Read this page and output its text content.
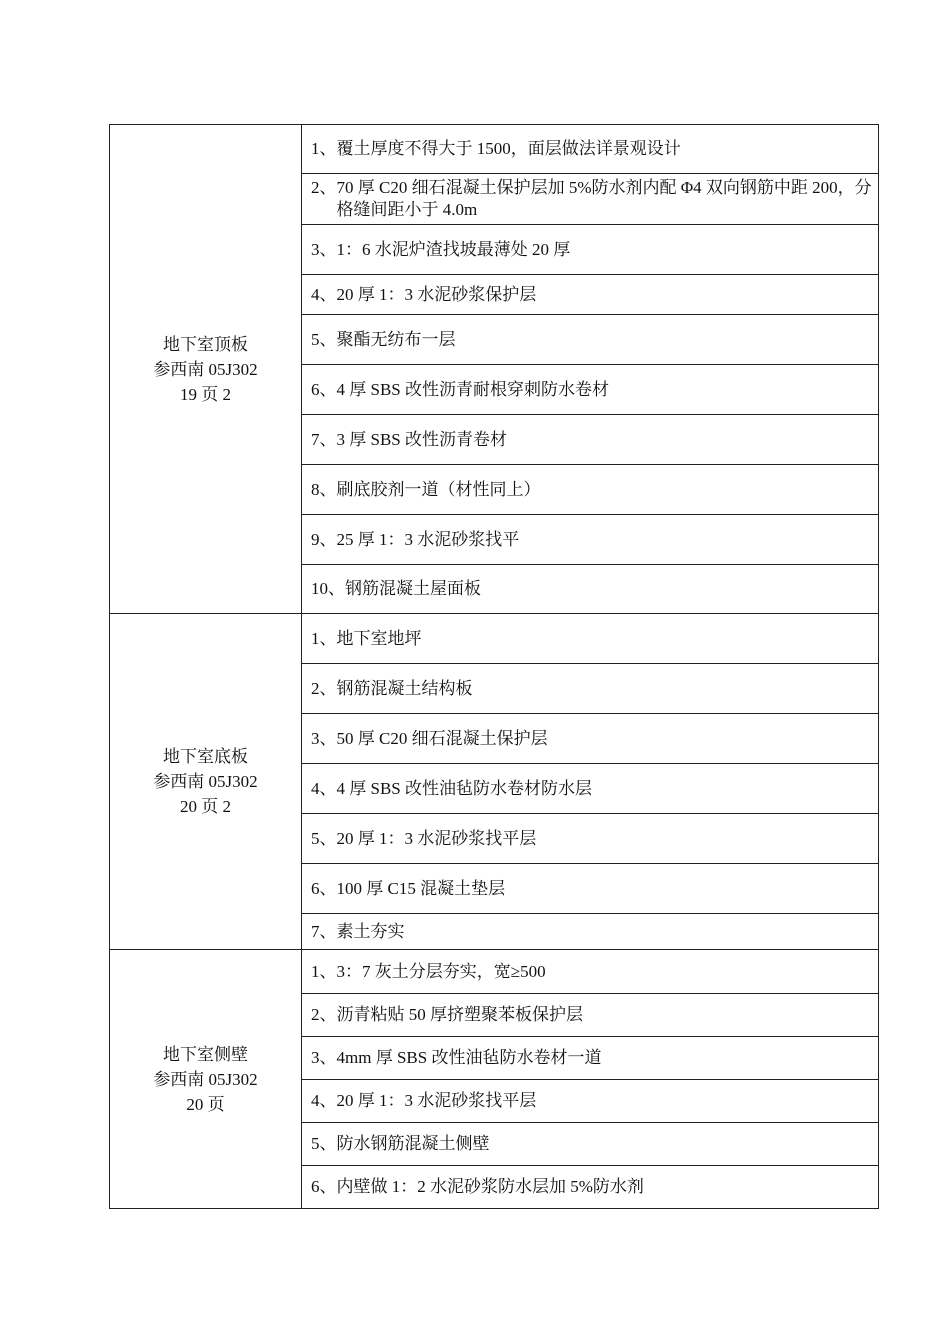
地下室顶板
参西南 05J302
19 页 2	1、覆土厚度不得大于 1500，面层做法详景观设计

	2、70 厚 C20 细石混凝土保护层加 5%防水剂内配 Φ4 双向钢筋中距 200，分格缝间距小于 4.0m

	3、1：6 水泥炉渣找坡最薄处 20 厚

	4、20 厚 1：3 水泥砂浆保护层

	5、聚酯无纺布一层

	6、4 厚 SBS 改性沥青耐根穿刺防水卷材

	7、3 厚 SBS 改性沥青卷材

	8、刷底胶剂一道（材性同上）

	9、25 厚 1：3 水泥砂浆找平

	10、钢筋混凝土屋面板

地下室底板
参西南 05J302
20 页 2	1、地下室地坪

	2、钢筋混凝土结构板

	3、50 厚 C20 细石混凝土保护层

	4、4 厚 SBS 改性油毡防水卷材防水层

	5、20 厚 1：3 水泥砂浆找平层

	6、100 厚 C15 混凝土垫层

	7、素土夯实

地下室侧壁
参西南 05J302
20 页	1、3：7 灰土分层夯实，宽≥500

	2、沥青粘贴 50 厚挤塑聚苯板保护层

	3、4mm 厚 SBS 改性油毡防水卷材一道

	4、20 厚 1：3 水泥砂浆找平层

	5、防水钢筋混凝土侧壁

	6、内壁做 1：2 水泥砂浆防水层加 5%防水剂
